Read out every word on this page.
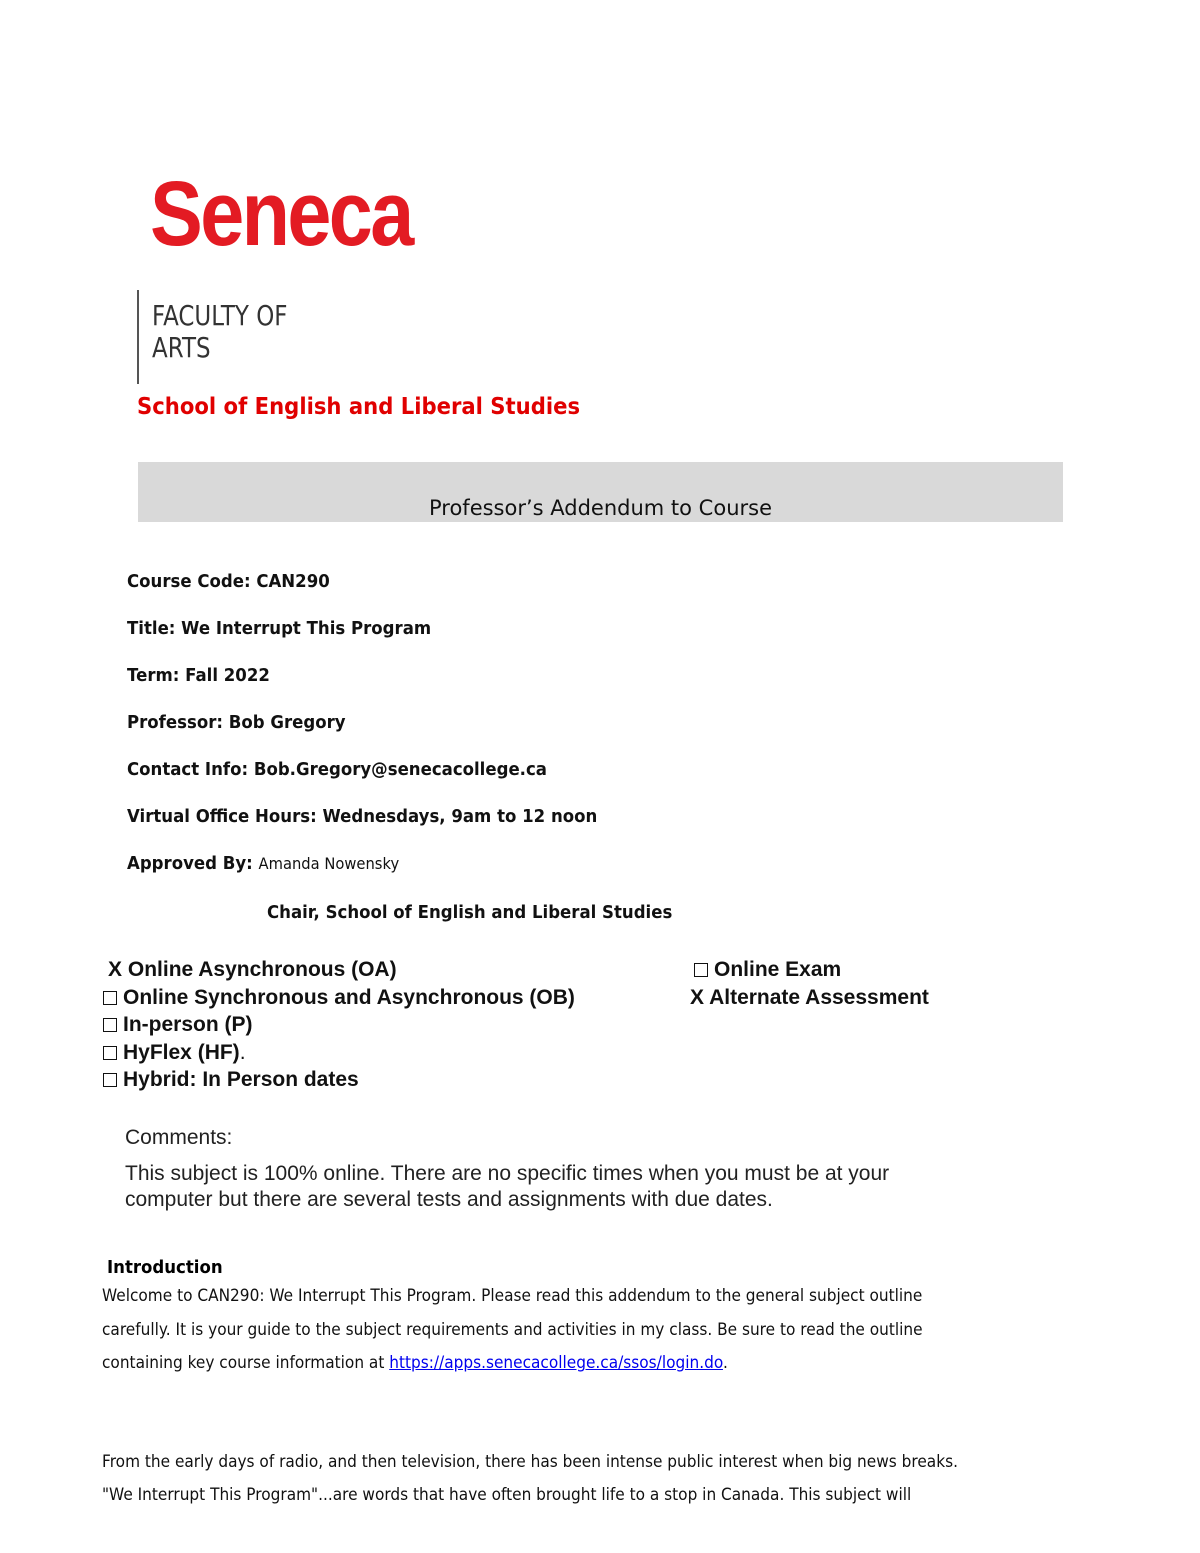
Seneca
FACULTY OF
ARTS
School of English and Liberal Studies
Professor’s Addendum to Course
Course Code: CAN290
Title: We Interrupt This Program
Term: Fall 2022
Professor: Bob Gregory
Contact Info: Bob.Gregory@senecacollege.ca
Virtual Office Hours: Wednesdays, 9am to 12 noon
Approved By: Amanda Nowensky
Chair, School of English and Liberal Studies
X Online Asynchronous (OA)
Online Synchronous and Asynchronous (OB)
In-person (P)
HyFlex (HF).
Hybrid: In Person dates
Online Exam
X Alternate Assessment
Comments:
This subject is 100% online. There are no specific times when you must be at your
computer but there are several tests and assignments with due dates.
Introduction
Welcome to CAN290: We Interrupt This Program. Please read this addendum to the general subject outline
carefully. It is your guide to the subject requirements and activities in my class. Be sure to read the outline
containing key course information at https://apps.senecacollege.ca/ssos/login.do.
From the early days of radio, and then television, there has been intense public interest when big news breaks.
"We Interrupt This Program"...are words that have often brought life to a stop in Canada. This subject will
